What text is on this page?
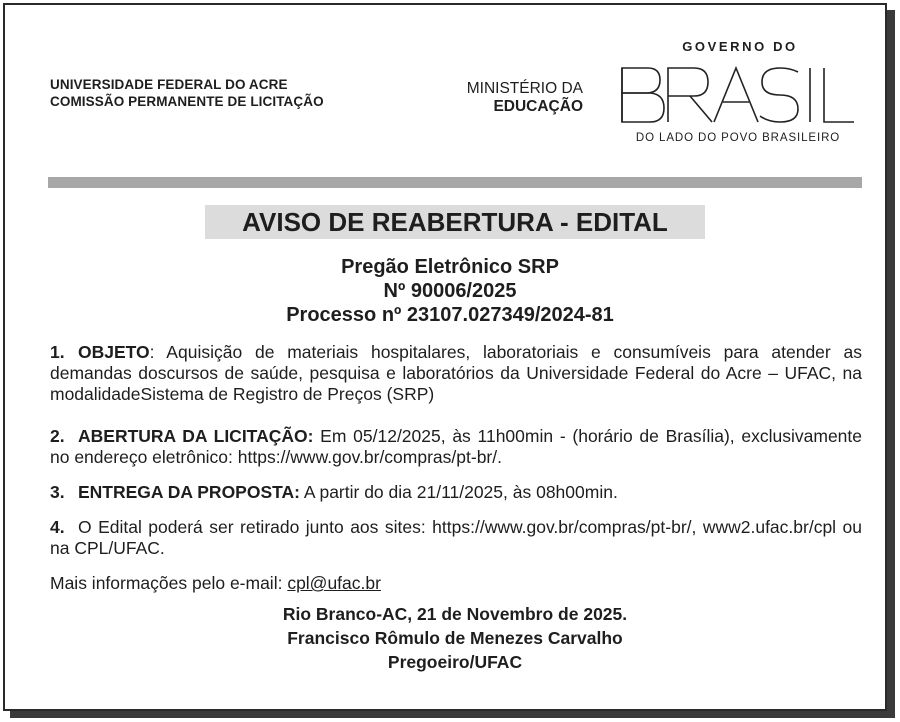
UNIVERSIDADE FEDERAL DO ACRE
COMISSÃO PERMANENTE DE LICITAÇÃO
MINISTÉRIO DA
EDUCAÇÃO
GOVERNO DO
DO LADO DO POVO BRASILEIRO
AVISO DE REABERTURA - EDITAL
Pregão Eletrônico SRP
Nº 90006/2025
Processo nº 23107.027349/2024-81
1. OBJETO: Aquisição de materiais hospitalares, laboratoriais e consumíveis para atender as demandas doscursos de saúde, pesquisa e laboratórios da Universidade Federal do Acre – UFAC, na modalidadeSistema de Registro de Preços (SRP)
2. ABERTURA DA LICITAÇÃO: Em 05/12/2025, às 11h00min - (horário de Brasília), exclusivamente no endereço eletrônico: https://www.gov.br/compras/pt-br/.
3. ENTREGA DA PROPOSTA: A partir do dia 21/11/2025, às 08h00min.
4. O Edital poderá ser retirado junto aos sites: https://www.gov.br/compras/pt-br/, www2.ufac.br/cpl ou na CPL/UFAC.
Mais informações pelo e-mail: cpl@ufac.br
Rio Branco-AC, 21 de Novembro de 2025.
Francisco Rômulo de Menezes Carvalho
Pregoeiro/UFAC
